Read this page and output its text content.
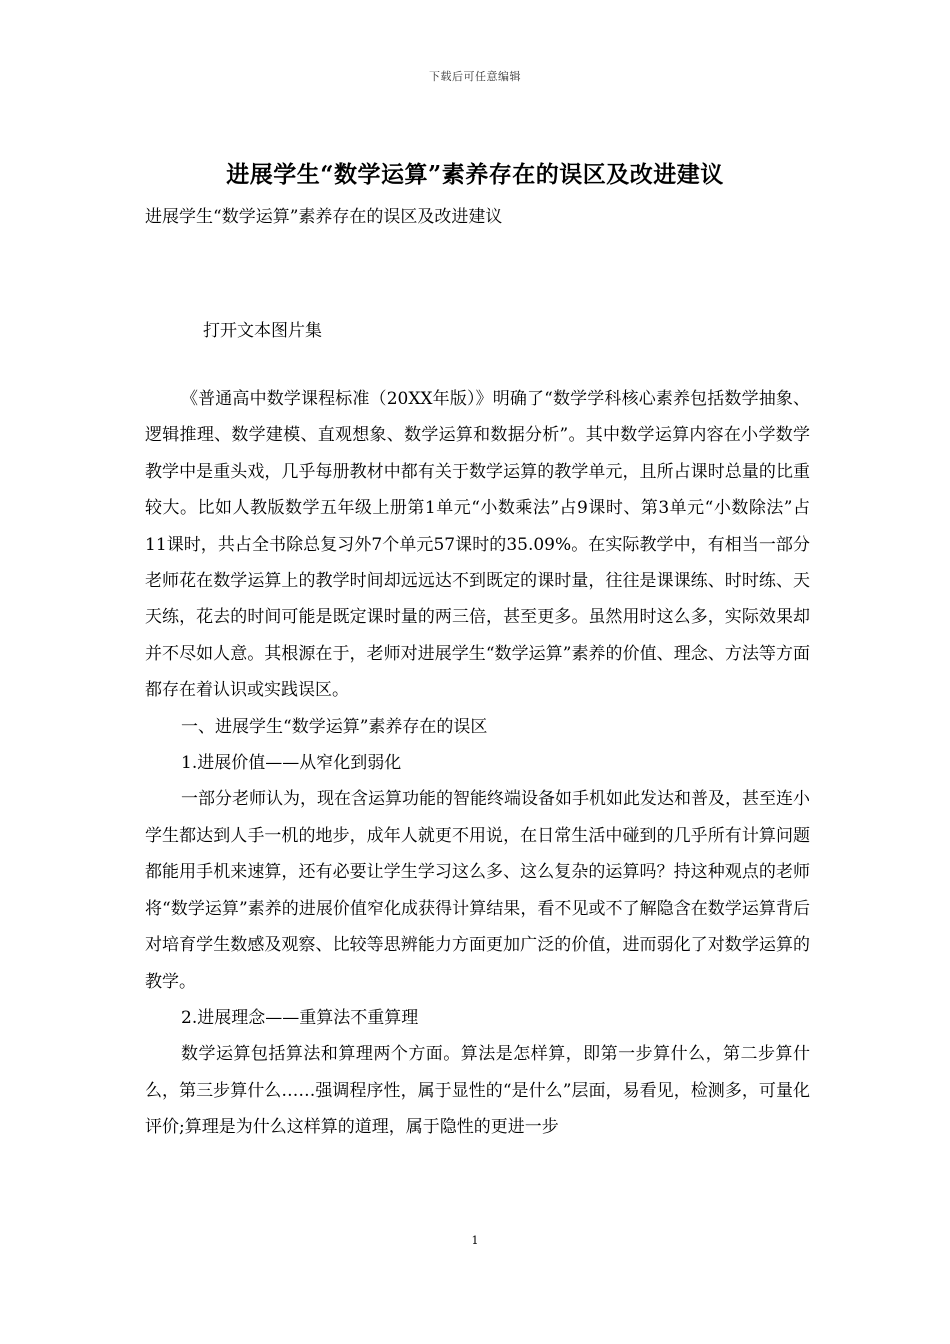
下载后可任意编辑
进展学生“数学运算”素养存在的误区及改进建议
进展学生“数学运算”素养存在的误区及改进建议
打开文本图片集

《普通高中数学课程标准（20XX年版）》明确了“数学学科核心素养包括数学抽象、逻辑推理、数学建模、直观想象、数学运算和数据分析”。其中数学运算内容在小学数学教学中是重头戏，几乎每册教材中都有关于数学运算的教学单元，且所占课时总量的比重较大。比如人教版数学五年级上册第1单元“小数乘法”占9课时、第3单元“小数除法”占11课时，共占全书除总复习外7个单元57课时的35.09%。在实际教学中，有相当一部分老师花在数学运算上的教学时间却远远达不到既定的课时量，往往是课课练、时时练、天天练，花去的时间可能是既定课时量的两三倍，甚至更多。虽然用时这么多，实际效果却并不尽如人意。其根源在于，老师对进展学生“数学运算”素养的价值、理念、方法等方面都存在着认识或实践误区。

一、进展学生“数学运算”素养存在的误区

1.进展价值——从窄化到弱化

一部分老师认为，现在含运算功能的智能终端设备如手机如此发达和普及，甚至连小学生都达到人手一机的地步，成年人就更不用说，在日常生活中碰到的几乎所有计算问题都能用手机来速算，还有必要让学生学习这么多、这么复杂的运算吗？持这种观点的老师将“数学运算”素养的进展价值窄化成获得计算结果，看不见或不了解隐含在数学运算背后对培育学生数感及观察、比较等思辨能力方面更加广泛的价值，进而弱化了对数学运算的教学。

2.进展理念——重算法不重算理

数学运算包括算法和算理两个方面。算法是怎样算，即第一步算什么，第二步算什么，第三步算什么……强调程序性，属于显性的“是什么”层面，易看见，检测多，可量化评价;算理是为什么这样算的道理，属于隐性的更进一步

1
